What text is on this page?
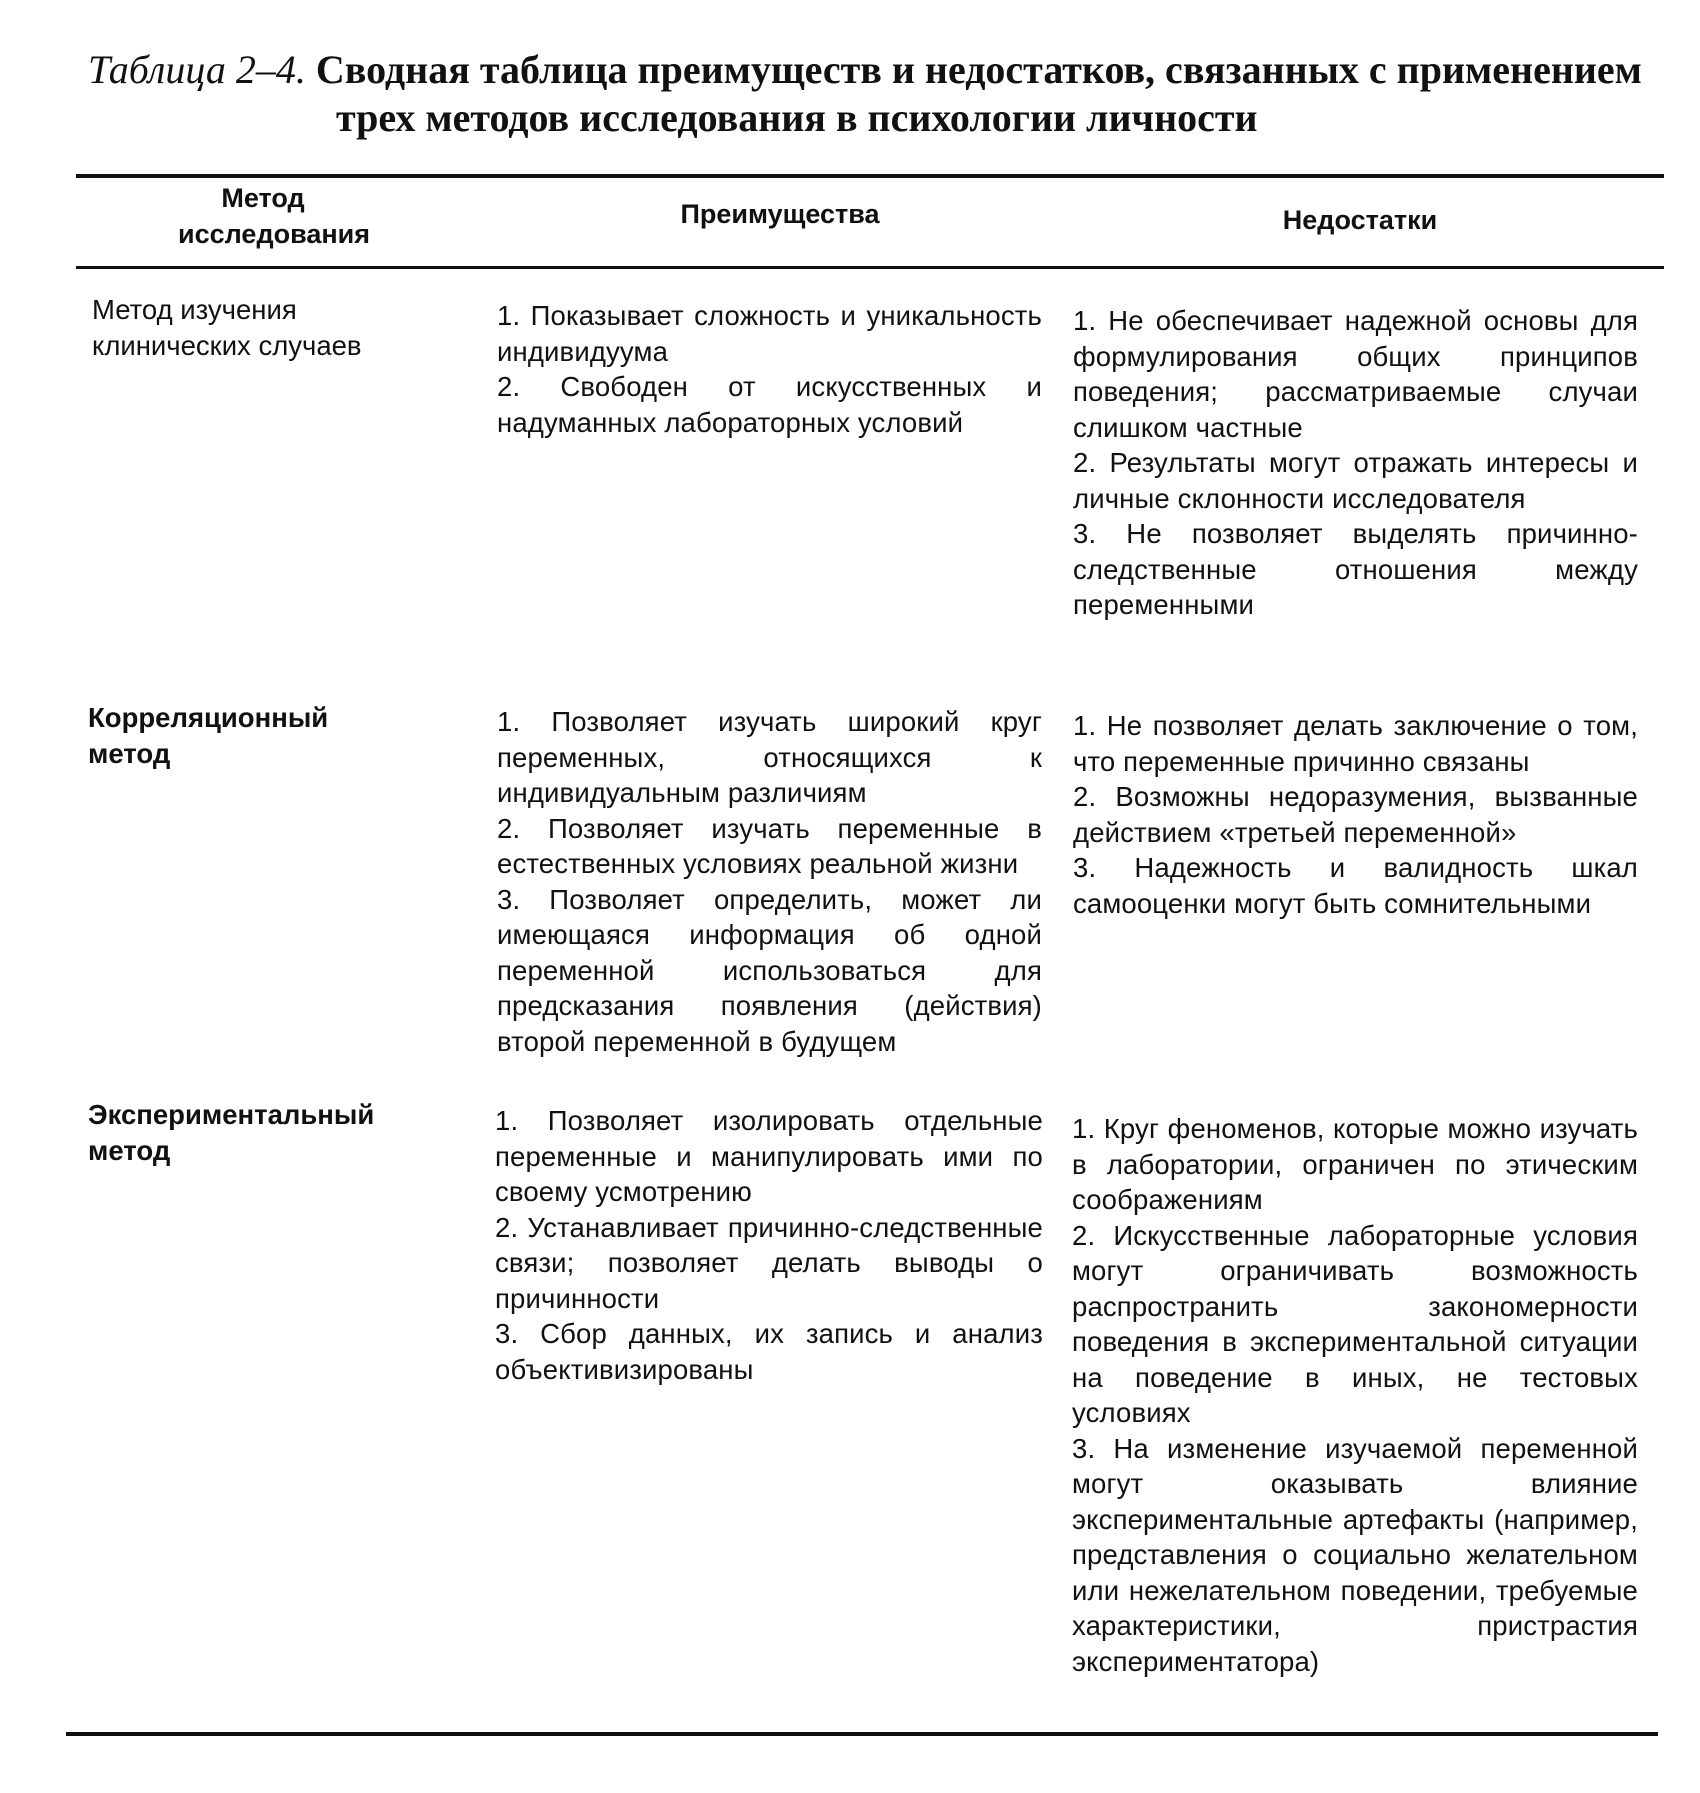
Таблица 2–4. Сводная таблица преимуществ и недостатков, связанных с применением
трех методов исследования в психологии личности
Метод исследования
Преимущества	Недостатки
Метод изучения клинических случаев
1. Показывает сложность и уникальность индивидуума
2. Свободен от искусственных и надуманных лабораторных условий
1. Не обеспечивает надежной основы для формулирования общих принципов поведения; рассматриваемые случаи слишком частные
2. Результаты могут отражать интересы и личные склонности исследователя
3. Не позволяет выделять причинно-следственные отношения между переменными
Корреляционный метод
1. Позволяет изучать широкий круг переменных, относящихся к индивидуальным различиям
2. Позволяет изучать переменные в естественных условиях реальной жизни
3. Позволяет определить, может ли имеющаяся информация об одной переменной использоваться для предсказания появления (действия) второй переменной в будущем
1. Не позволяет делать заключение о том, что переменные причинно связаны
2. Возможны недоразумения, вызванные действием «третьей переменной»
3. Надежность и валидность шкал самооценки могут быть сомнительными
Экспериментальный метод
1. Позволяет изолировать отдельные переменные и манипулировать ими по своему усмотрению
2. Устанавливает причинно-следственные связи; позволяет делать выводы о причинности
3. Сбор данных, их запись и анализ объективизированы
1. Круг феноменов, которые можно изучать в лаборатории, ограничен по этическим соображениям
2. Искусственные лабораторные условия могут ограничивать возможность распространить закономерности поведения в экспериментальной ситуации на поведение в иных, не тестовых условиях
3. На изменение изучаемой переменной могут оказывать влияние экспериментальные артефакты (например, представления о социально желательном или нежелательном поведении, требуемые характеристики, пристрастия экспериментатора)
